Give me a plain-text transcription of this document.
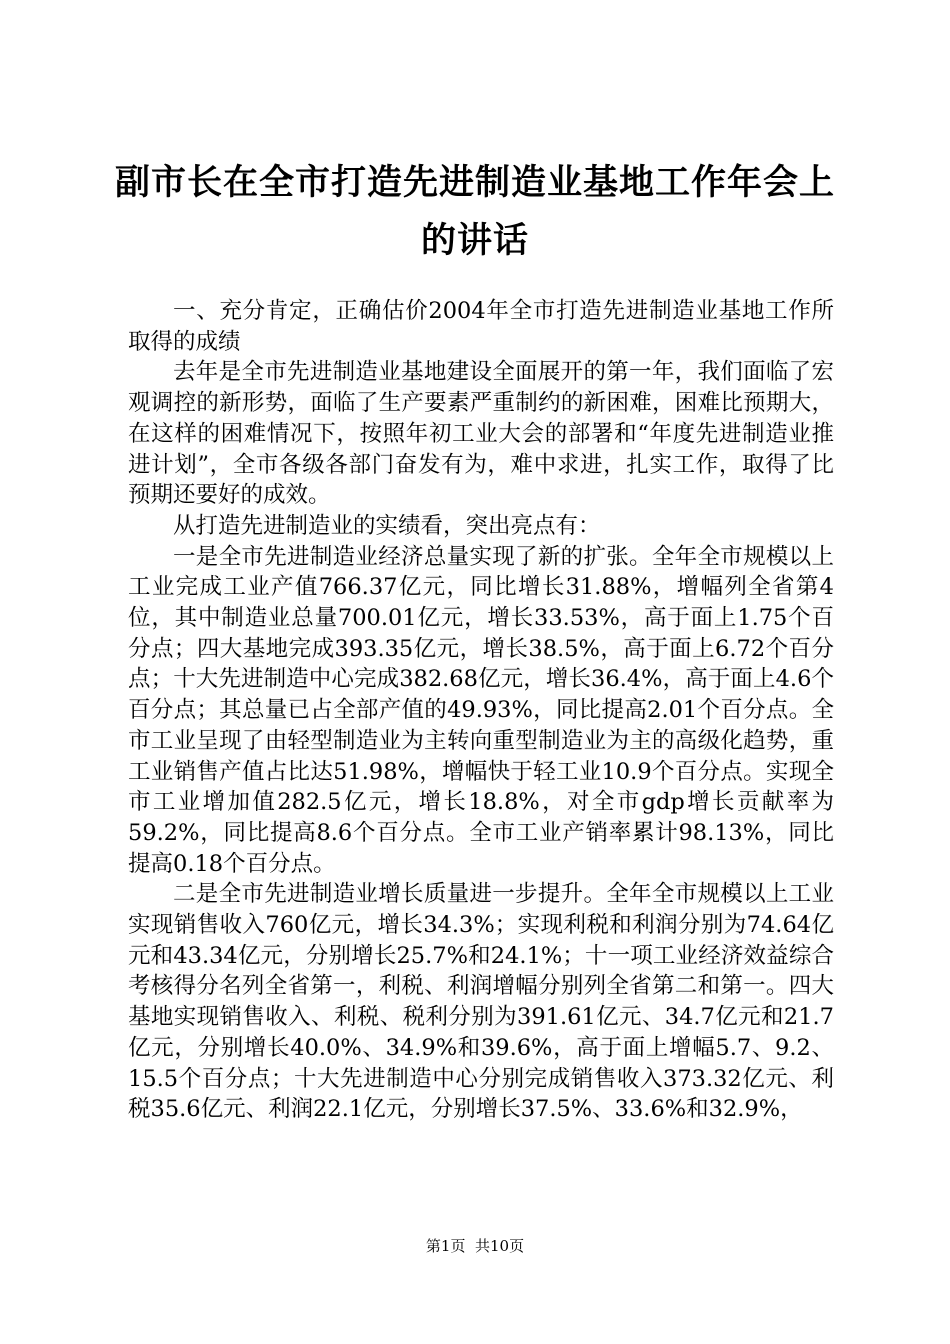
副市长在全市打造先进制造业基地工作年会上
的讲话

一、充分肯定，正确估价2004年全市打造先进制造业基地工作所取得的成绩

去年是全市先进制造业基地建设全面展开的第一年，我们面临了宏观调控的新形势，面临了生产要素严重制约的新困难，困难比预期大，在这样的困难情况下，按照年初工业大会的部署和“年度先进制造业推进计划”，全市各级各部门奋发有为，难中求进，扎实工作，取得了比预期还要好的成效。

从打造先进制造业的实绩看，突出亮点有：

一是全市先进制造业经济总量实现了新的扩张。全年全市规模以上工业完成工业产值766.37亿元，同比增长31.88%，增幅列全省第4位，其中制造业总量700.01亿元，增长33.53%，高于面上1.75个百分点；四大基地完成393.35亿元，增长38.5%，高于面上6.72个百分点；十大先进制造中心完成382.68亿元，增长36.4%，高于面上4.6个百分点；其总量已占全部产值的49.93%，同比提高2.01个百分点。全市工业呈现了由轻型制造业为主转向重型制造业为主的高级化趋势，重工业销售产值占比达51.98%，增幅快于轻工业10.9个百分点。实现全市工业增加值282.5亿元，增长18.8%，对全市gdp增长贡献率为59.2%，同比提高8.6个百分点。全市工业产销率累计98.13%，同比提高0.18个百分点。

二是全市先进制造业增长质量进一步提升。全年全市规模以上工业实现销售收入760亿元，增长34.3%；实现利税和利润分别为74.64亿元和43.34亿元，分别增长25.7%和24.1%；十一项工业经济效益综合考核得分名列全省第一，利税、利润增幅分别列全省第二和第一。四大基地实现销售收入、利税、税利分别为391.61亿元、34.7亿元和21.7亿元，分别增长40.0%、34.9%和39.6%，高于面上增幅5.7、9.2、15.5个百分点；十大先进制造中心分别完成销售收入373.32亿元、利税35.6亿元、利润22.1亿元，分别增长37.5%、33.6%和32.9%，

第1页  共10页
